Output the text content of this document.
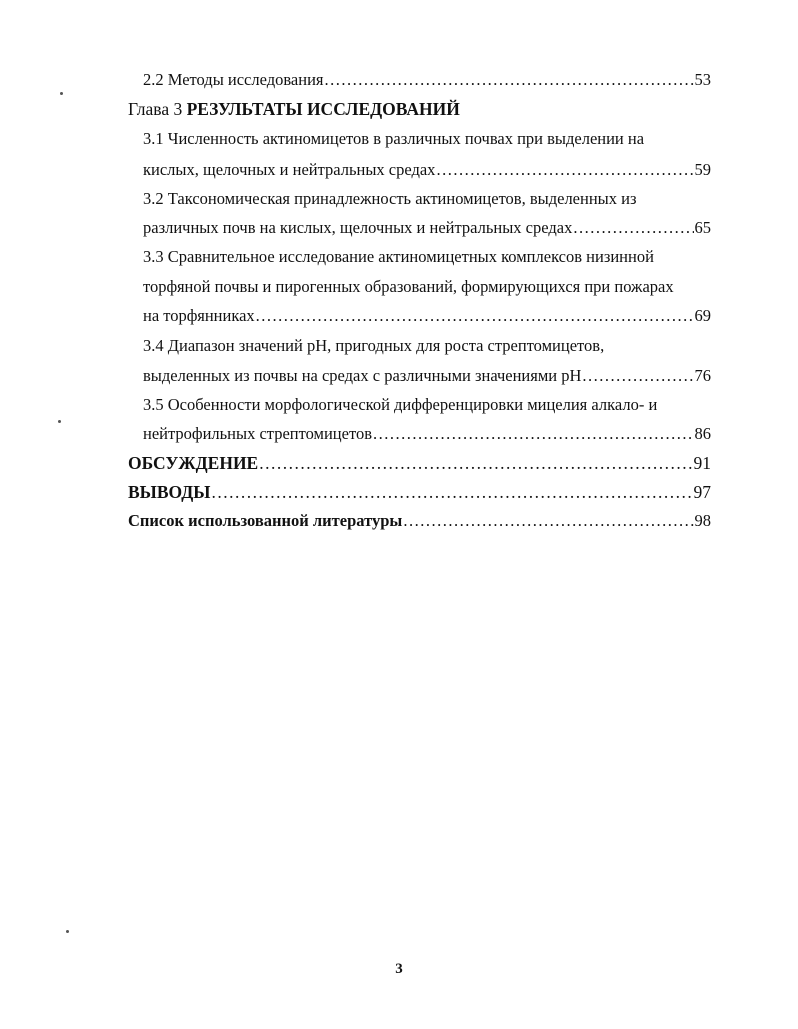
2.2 Методы исследования .....	53
Глава 3 РЕЗУЛЬТАТЫ ИССЛЕДОВАНИЙ
3.1 Численность актиномицетов в различных почвах при выделении на
кислых, щелочных и нейтральных средах .....	59
3.2 Таксономическая принадлежность актиномицетов, выделенных из
различных почв на кислых, щелочных и нейтральных средах .....	65
3.3 Сравнительное исследование актиномицетных комплексов низинной
торфяной почвы и пирогенных образований, формирующихся при пожарах
на торфянниках .....	69
3.4 Диапазон значений pH, пригодных для роста стрептомицетов,
выделенных из почвы на средах с различными значениями pH .....	76
3.5 Особенности морфологической дифференцировки мицелия алкало- и
нейтрофильных стрептомицетов .....	86
ОБСУЖДЕНИЕ .....	91
ВЫВОДЫ .....	97
Список использованной литературы .....	98
3
